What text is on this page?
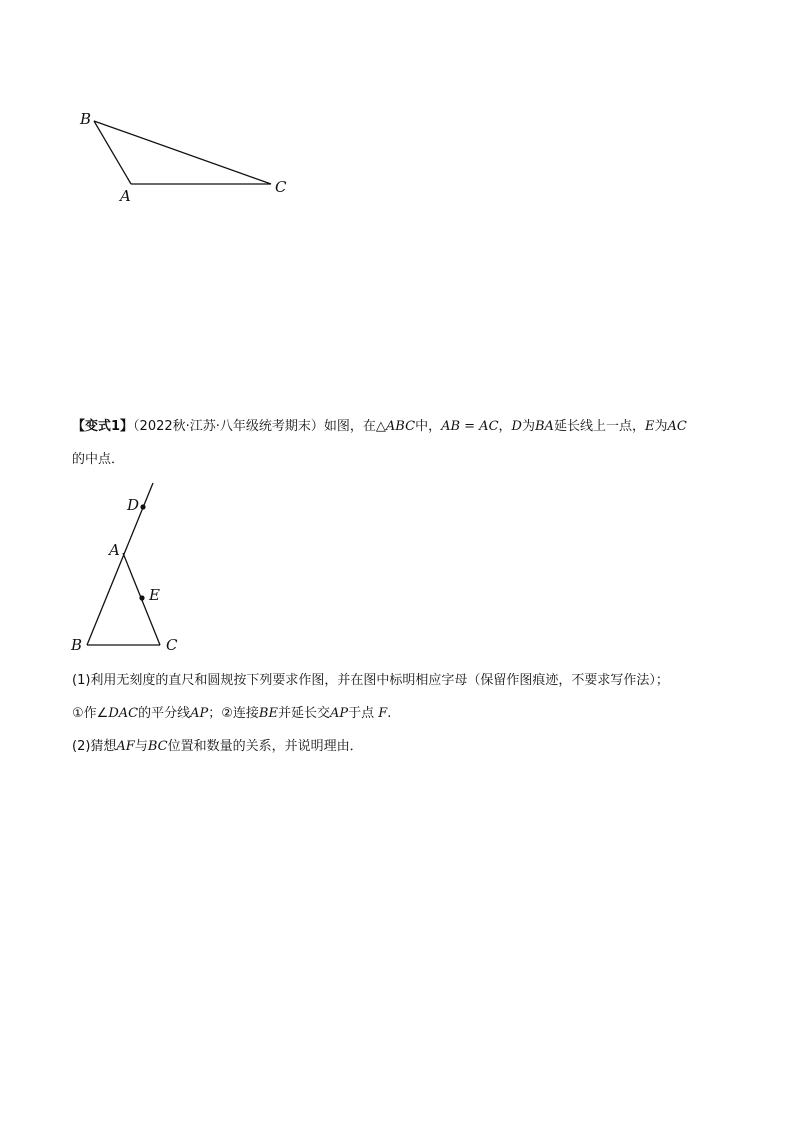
B
A	C
【变式1】（2022秋·江苏·八年级统考期末）如图，在△ABC中，AB = AC，D为BA延长线上一点，E为AC
的中点．
D
A
E
B	C
(1)利用无刻度的直尺和圆规按下列要求作图，并在图中标明相应字母（保留作图痕迹，不要求写作法）；
①作∠DAC的平分线AP；②连接BE并延长交AP于点 F.
(2)猜想AF与BC位置和数量的关系，并说明理由．
